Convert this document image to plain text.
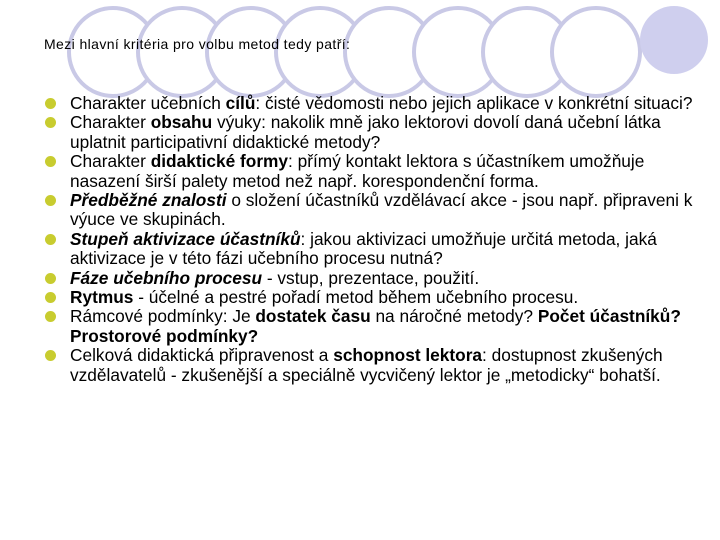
Mezi hlavní kritéria pro volbu metod tedy patří:
Charakter učebních cílů: čisté vědomosti nebo jejich aplikace v konkrétní situaci?
Charakter obsahu výuky: nakolik mně jako lektorovi dovolí daná učební látka uplatnit participativní didaktické metody?
Charakter didaktické formy: přímý kontakt lektora s účastníkem umožňuje nasazení širší palety metod než např. korespondenční forma.
Předběžné znalosti o složení účastníků vzdělávací akce - jsou např. připraveni k výuce ve skupinách.
Stupeň aktivizace účastníků: jakou aktivizaci umožňuje určitá metoda, jaká aktivizace je v této fázi učebního procesu nutná?
Fáze učebního procesu - vstup, prezentace, použití.
Rytmus - účelné a pestré pořadí metod během učebního procesu.
Rámcové podmínky: Je dostatek času na náročné metody? Počet účastníků? Prostorové podmínky?
Celková didaktická připravenost a schopnost lektora: dostupnost zkušených vzdělavatelů - zkušenější a speciálně vycvičený lektor je „metodicky“ bohatší.
